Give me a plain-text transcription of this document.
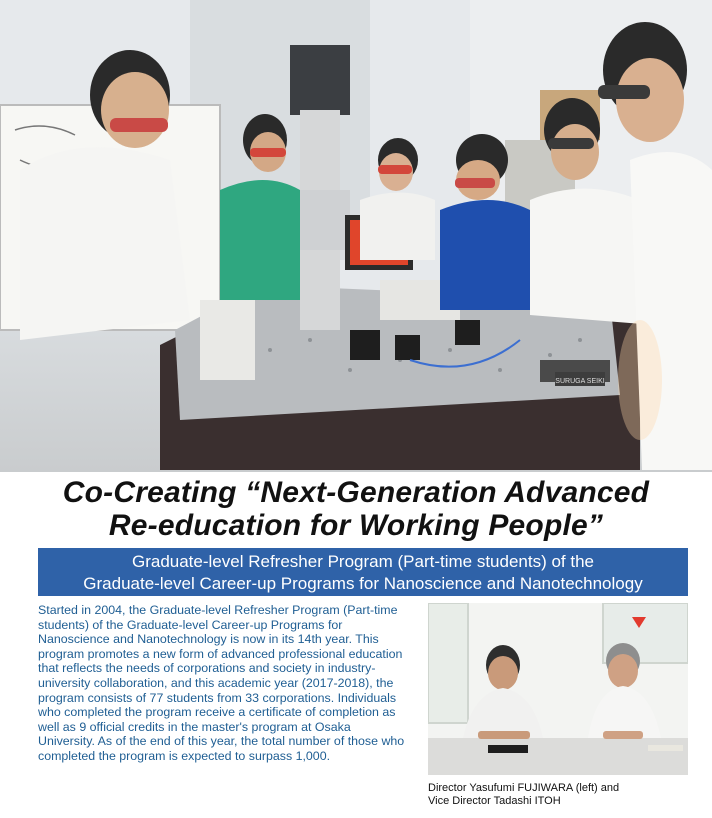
SURUGA SEIKI
Co-Creating “Next-Generation Advanced
Re-education for Working People”
Graduate-level Refresher Program (Part-time students) of the
Graduate-level Career-up Programs for Nanoscience and Nanotechnology

Started in 2004, the Graduate-level Refresher Program (Part-time students) of the Graduate-level Career-up Programs for Nanoscience and Nanotechnology is now in its 14th year. This program promotes a new form of advanced professional education that reflects the needs of corporations and society in industry-university collaboration, and this academic year (2017-2018), the program consists of 77 students from 33 corporations. Individuals who completed the program receive a certificate of completion as well as 9 official credits in the master's program at Osaka University. As of the end of this year, the total number of those who completed the program is expected to surpass 1,000.

Director Yasufumi FUJIWARA (left) and
Vice Director Tadashi ITOH
